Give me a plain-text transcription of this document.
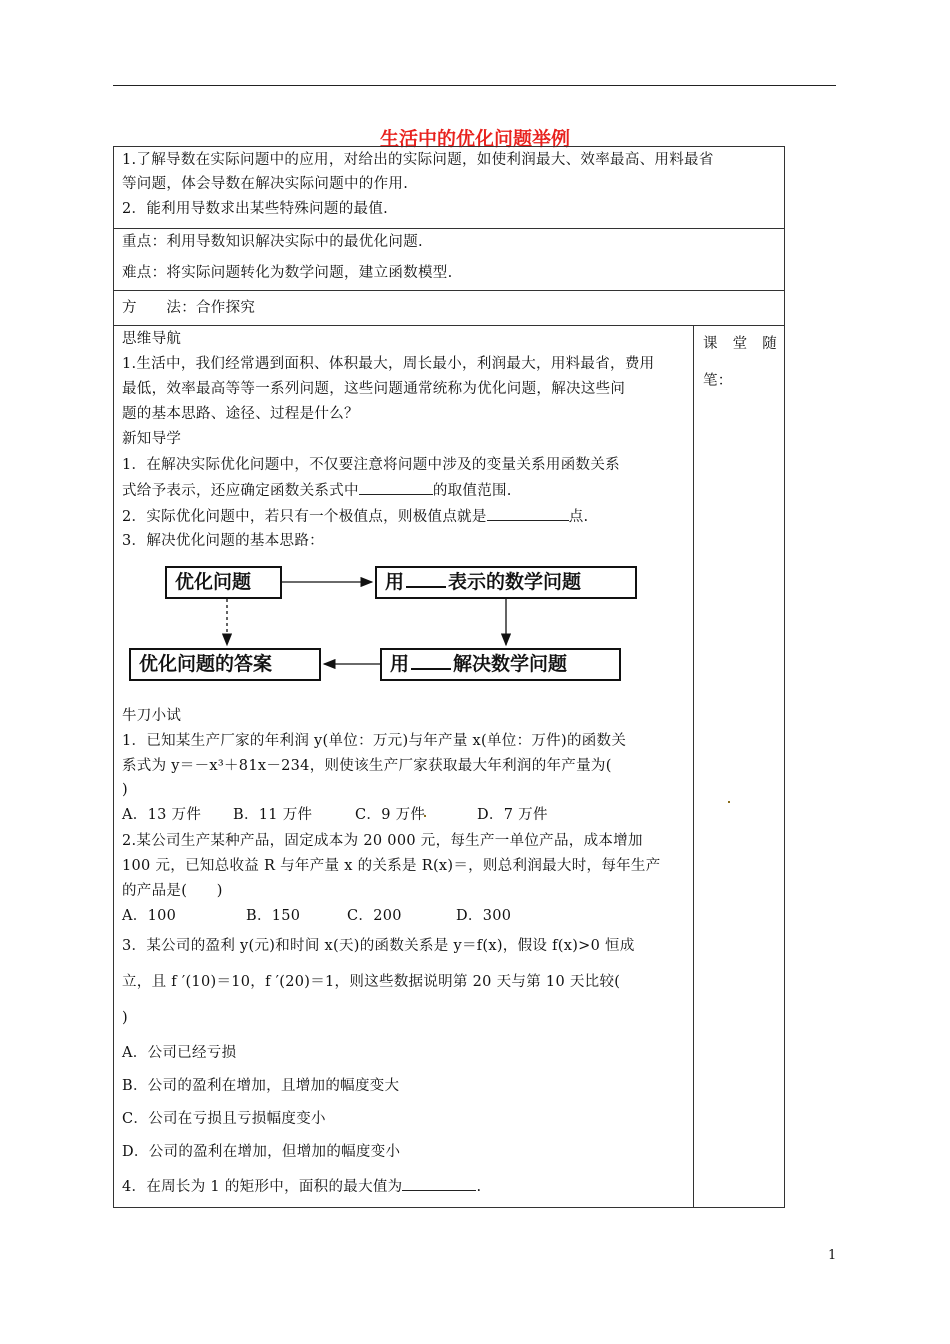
生活中的优化问题举例
1.了解导数在实际问题中的应用，对给出的实际问题，如使利润最大、效率最高、用料最省
等问题，体会导数在解决实际问题中的作用.
2．能利用导数求出某些特殊问题的最值.
重点：利用导数知识解决实际中的最优化问题.
难点：将实际问题转化为数学问题，建立函数模型.
方　　法：合作探究
课　堂　随
笔：
思维导航
1.生活中，我们经常遇到面积、体积最大，周长最小，利润最大，用料最省，费用
最低，效率最高等等一系列问题，这些问题通常统称为优化问题，解决这些问
题的基本思路、途径、过程是什么？
新知导学
1．在解决实际优化问题中，不仅要注意将问题中涉及的变量关系用函数关系
式给予表示，还应确定函数关系式中	的取值范围.
2．实际优化问题中，若只有一个极值点，则极值点就是	点.
3．解决优化问题的基本思路：
优化问题	用 表示的数学问题
用 解决数学问题
优化问题的答案
牛刀小试
1．已知某生产厂家的年利润 y(单位：万元)与年产量 x(单位：万件)的函数关
系式为 y＝－x³＋81x－234，则使该生产厂家获取最大年利润的年产量为(
)
A．13 万件 B．11 万件	C．9 万件	D．7 万件
2.某公司生产某种产品，固定成本为 20 000 元，每生产一单位产品，成本增加
100 元，已知总收益 R 与年产量 x 的关系是 R(x)＝，则总利润最大时，每年生产
的产品是(　　)
A．100	B．150	C．200	D．300
3．某公司的盈利 y(元)和时间 x(天)的函数关系是 y＝f(x)，假设 f(x)>0 恒成
立，且 f ′(10)＝10，f ′(20)＝1，则这些数据说明第 20 天与第 10 天比较(
)
A．公司已经亏损
B．公司的盈利在增加，且增加的幅度变大
C．公司在亏损且亏损幅度变小
D．公司的盈利在增加，但增加的幅度变小
4．在周长为 1 的矩形中，面积的最大值为	.
1
